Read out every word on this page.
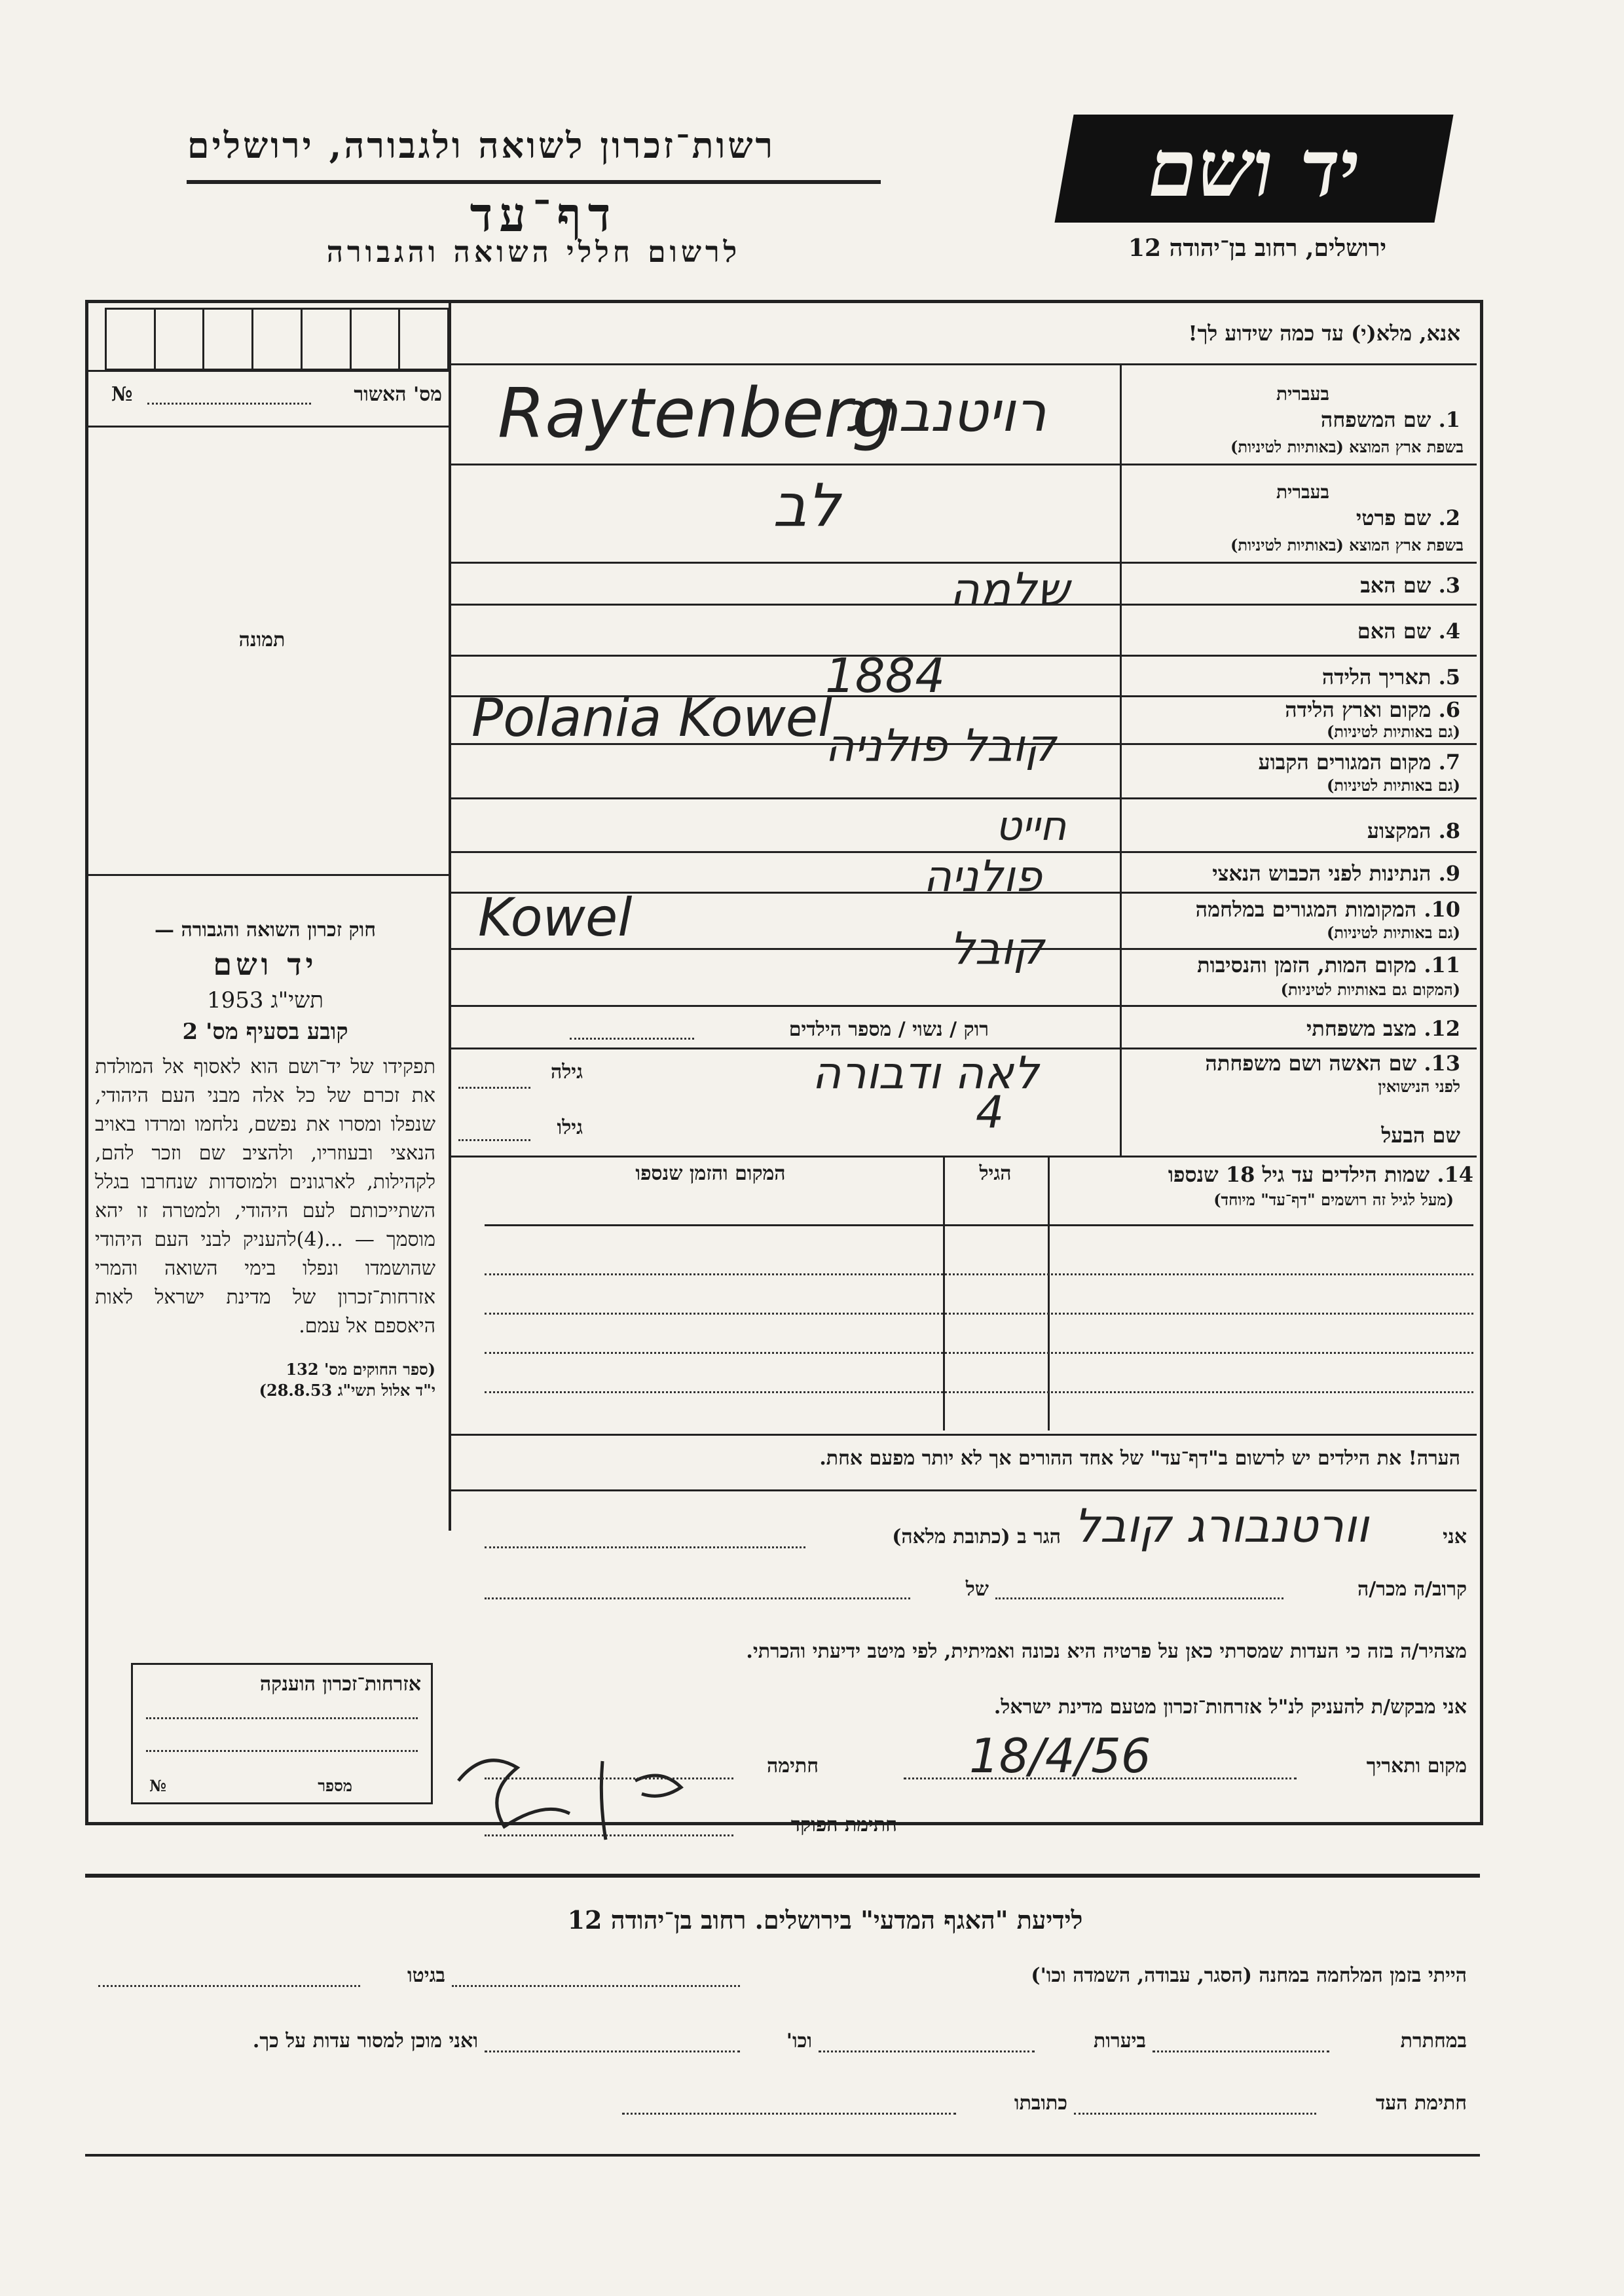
רשות־זכרון לשואה ולגבורה, ירושלים
דף־עד
לרשום חללי השואה והגבורה
יד ושם
ירושלים, רחוב בן־יהודה 12
מס' האשור
№
תמונה
חוק זכרון השואה והגבורה —
יד ושם
תשי"ג 1953
קובע בסעיף מס' 2

תפקידו של יד־ושם הוא לאסוף אל המולדת את זכרם של כל אלה מבני העם היהודי, שנפלו ומסרו את נפשם, נלחמו ומרדו באויב הנאצי ובעוזריו, ולהציב שם וזכר להם, לקהילות, לארגונים ולמוסדות שנחרבו בגלל השתייכותם לעם היהודי, ולמטרה זו יהא מוסמך — ...(4)להעניק לבני העם היהודי שהושמדו ונפלו בימי השואה והמרי אזרחות־זכרון של מדינת ישראל לאות היאספם אל עמם.

(ספר החוקים מס' 132
י"ד אלול תשי"ג 28.8.53)
אזרחות־זכרון הוענקה
מספר
№
אנא, מלא(י) עד כמה שידוע לך!
בעברית
1. שם המשפחה
בשפת ארץ המוצא (באותיות לטיניות)
בעברית
2. שם פרטי
בשפת ארץ המוצא (באותיות לטיניות)
3. שם האב
4. שם האם
5. תאריך הלידה
6. מקום וארץ הלידה
(גם באותיות לטיניות)
7. מקום המגורים הקבוע
(גם באותיות לטיניות)
8. המקצוע
9. הנתינות לפני הכבוש הנאצי
10. המקומות המגורים במלחמה
(גם באותיות לטיניות)
11. מקום המות, הזמן והנסיבות
(המקום גם באותיות לטיניות)
12. מצב משפחתי
13. שם האשה ושם משפחתה
לפני הנישואין
שם הבעל
רוק / נשוי / מספר הילדים
גילה
גילו
14. שמות הילדים עד גיל 18 שנספו
(מעל לגיל זה רושמים "דף־עד" מיוחד)
הגיל
המקום והזמן שנספו
הערה! את הילדים יש לרשום ב"דף־עד" של אחד ההורים אך לא יותר מפעם אחת.
Raytenberg
רויטנברג
לב
שלמה
1884
Polania Kowel
קובל פולניה
חייט
פולניה
Kowel
קובל
לאה ודבורה
4
וורטנבורג קובל
18/4/56
אני
הגר ב (כתובת מלאה)
קרוב/ה מכר/ה
של
מצהיר/ה בזה כי העדות שמסרתי כאן על פרטיה היא נכונה ואמיתית, לפי מיטב ידיעתי והכרתי.
אני מבקש/ת להעניק לנ"ל אזרחות־זכרון מטעם מדינת ישראל.
מקום ותאריך
חתימה
חתימת הפוקד
לידיעת "האגף המדעי" בירושלים. רחוב בן־יהודה 12
הייתי בזמן המלחמה במחנה (הסגר, עבודה, השמדה וכו')
בגיטו
במחתרת
ביערות
וכו'
ואני מוכן למסור עדות על כך.
חתימת העד
כתובתו
